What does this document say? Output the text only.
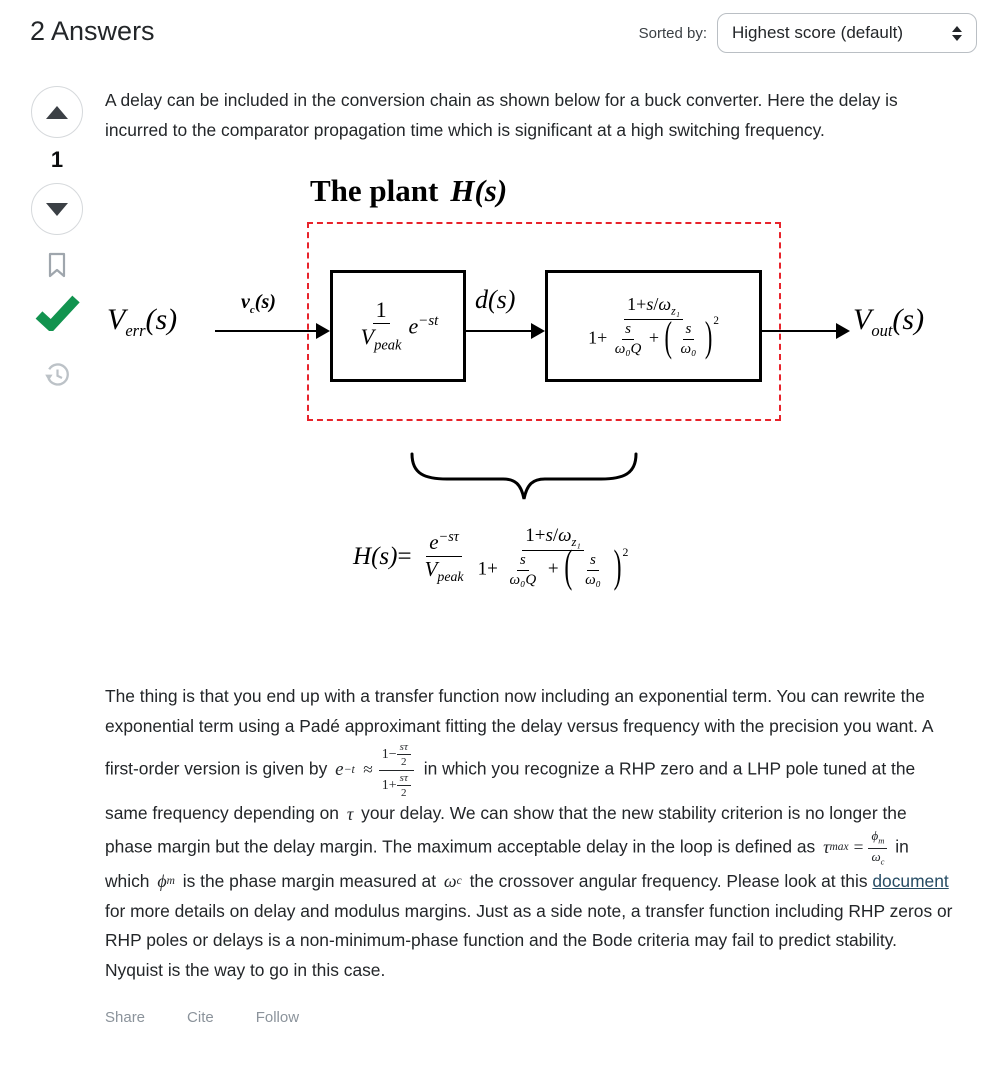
2 Answers	Sorted by: Highest score (default)
1

A delay can be included in the conversion chain as shown below for a buck converter. Here the delay is incurred to the comparator propagation time which is significant at a high switching frequency.

The plant H(s)
$V_{err}(s)$
$v_c(s)$	$\frac{1}{V_{peak}} e^{-st}$
d(s)	$1+s/\omega_{z_1}$
$1+ \frac{s}{\text{ω₀Q}}$ + ( $\frac{s}{\text{ω₀}} )^2$	$V_{out}(s)$
$H(s)= \frac{e^{-s\tau}}{V_{peak}}$	$1+s/\omega_{z_1}$
$1+ \frac{s}{\text{ω₀Q}}$ + ( $\frac{s}{\text{ω₀}} )^2$

The thing is that you end up with a transfer function now including an exponential term. You can rewrite the exponential term using a Padé approximant fitting the delay versus frequency with the precision you want. A first-order version is given by e −t
≈ $\frac{1- \frac{s\tau}{2}}{1+ \frac{s\tau}{2}}$ in which you recognize a RHP zero and a LHP pole tuned at the same frequency depending on τ your delay. We can show that the new stability criterion is no longer the phase margin but the delay margin. The maximum acceptable delay in the loop is defined as τ $\max = \frac{\phi_m}{\omega_c}$ in which ϕ m is the phase margin measured at ω c the crossover angular frequency. Please look at this document for more details on delay and modulus margins. Just as a side note, a transfer function including RHP zeros or RHP poles or delays is a non-minimum-phase function and the Bode criteria may fail to predict stability. Nyquist is the way to go in this case.

Share	Cite	Follow
